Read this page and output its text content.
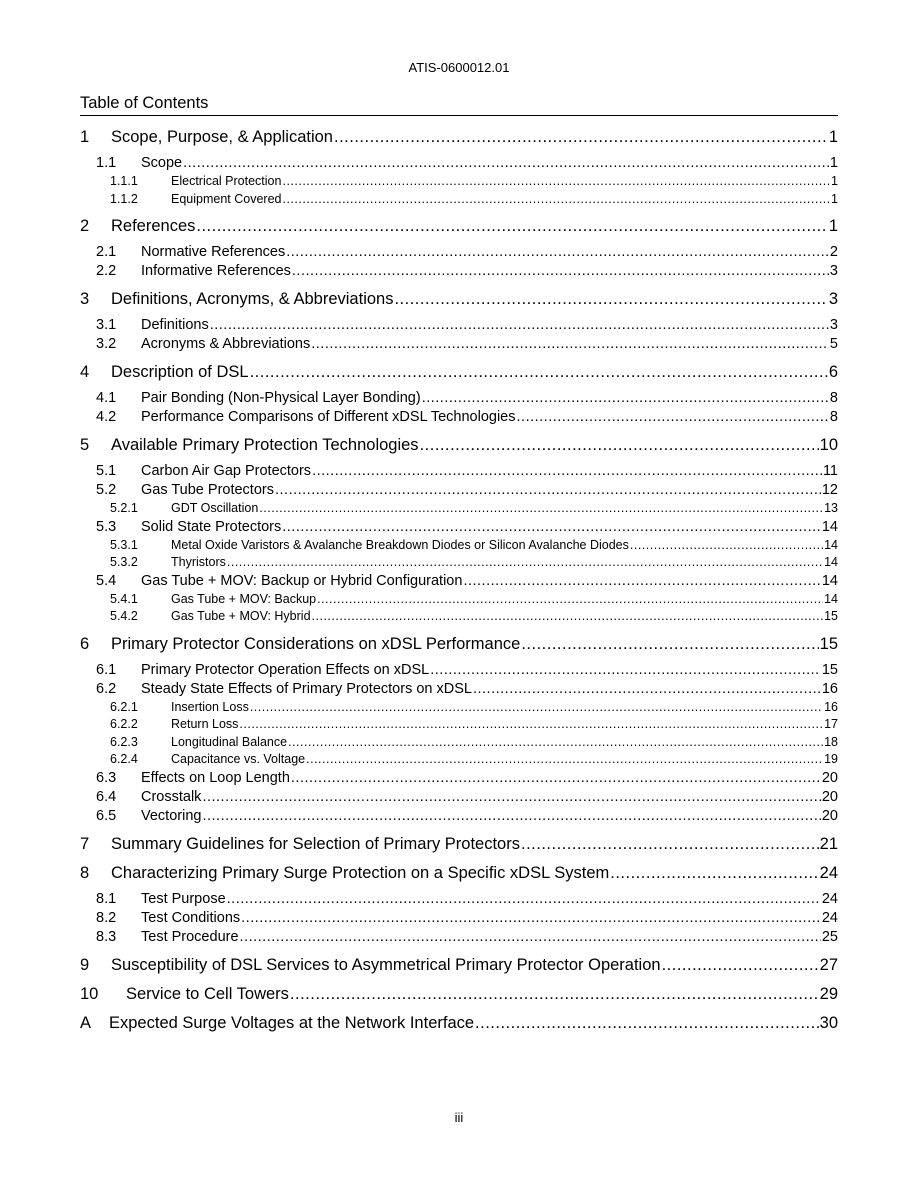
ATIS-0600012.01
Table of Contents
1	Scope, Purpose, & Application .....	1
1.1	Scope .....	1
1.1.1	Electrical Protection .....	1
1.1.2	Equipment Covered .....	1
2	References .....	1
2.1	Normative References .....	2
2.2	Informative References .....	3
3	Definitions, Acronyms, & Abbreviations .....	3
3.1	Definitions .....	3
3.2	Acronyms & Abbreviations .....	5
4	Description of DSL .....	6
4.1	Pair Bonding (Non-Physical Layer Bonding) .....	8
4.2	Performance Comparisons of Different xDSL Technologies .....	8
5	Available Primary Protection Technologies .....	10
5.1	Carbon Air Gap Protectors .....	11
5.2	Gas Tube Protectors .....	12
5.2.1	GDT Oscillation .....	13
5.3	Solid State Protectors .....	14
5.3.1	Metal Oxide Varistors & Avalanche Breakdown Diodes or Silicon Avalanche Diodes .....	14
5.3.2	Thyristors .....	14
5.4	Gas Tube + MOV: Backup or Hybrid Configuration .....	14
5.4.1	Gas Tube + MOV: Backup .....	14
5.4.2	Gas Tube + MOV: Hybrid .....	15
6	Primary Protector Considerations on xDSL Performance .....	15
6.1	Primary Protector Operation Effects on xDSL .....	15
6.2	Steady State Effects of Primary Protectors on xDSL .....	16
6.2.1	Insertion Loss .....	16
6.2.2	Return Loss .....	17
6.2.3	Longitudinal Balance .....	18
6.2.4	Capacitance vs. Voltage .....	19
6.3	Effects on Loop Length .....	20
6.4	Crosstalk .....	20
6.5	Vectoring .....	20
7	Summary Guidelines for Selection of Primary Protectors .....	21
8	Characterizing Primary Surge Protection on a Specific xDSL System .....	24
8.1	Test Purpose .....	24
8.2	Test Conditions .....	24
8.3	Test Procedure .....	25
9	Susceptibility of DSL Services to Asymmetrical Primary Protector Operation .....	27
10	Service to Cell Towers .....	29
A	Expected Surge Voltages at the Network Interface .....	30
iii
